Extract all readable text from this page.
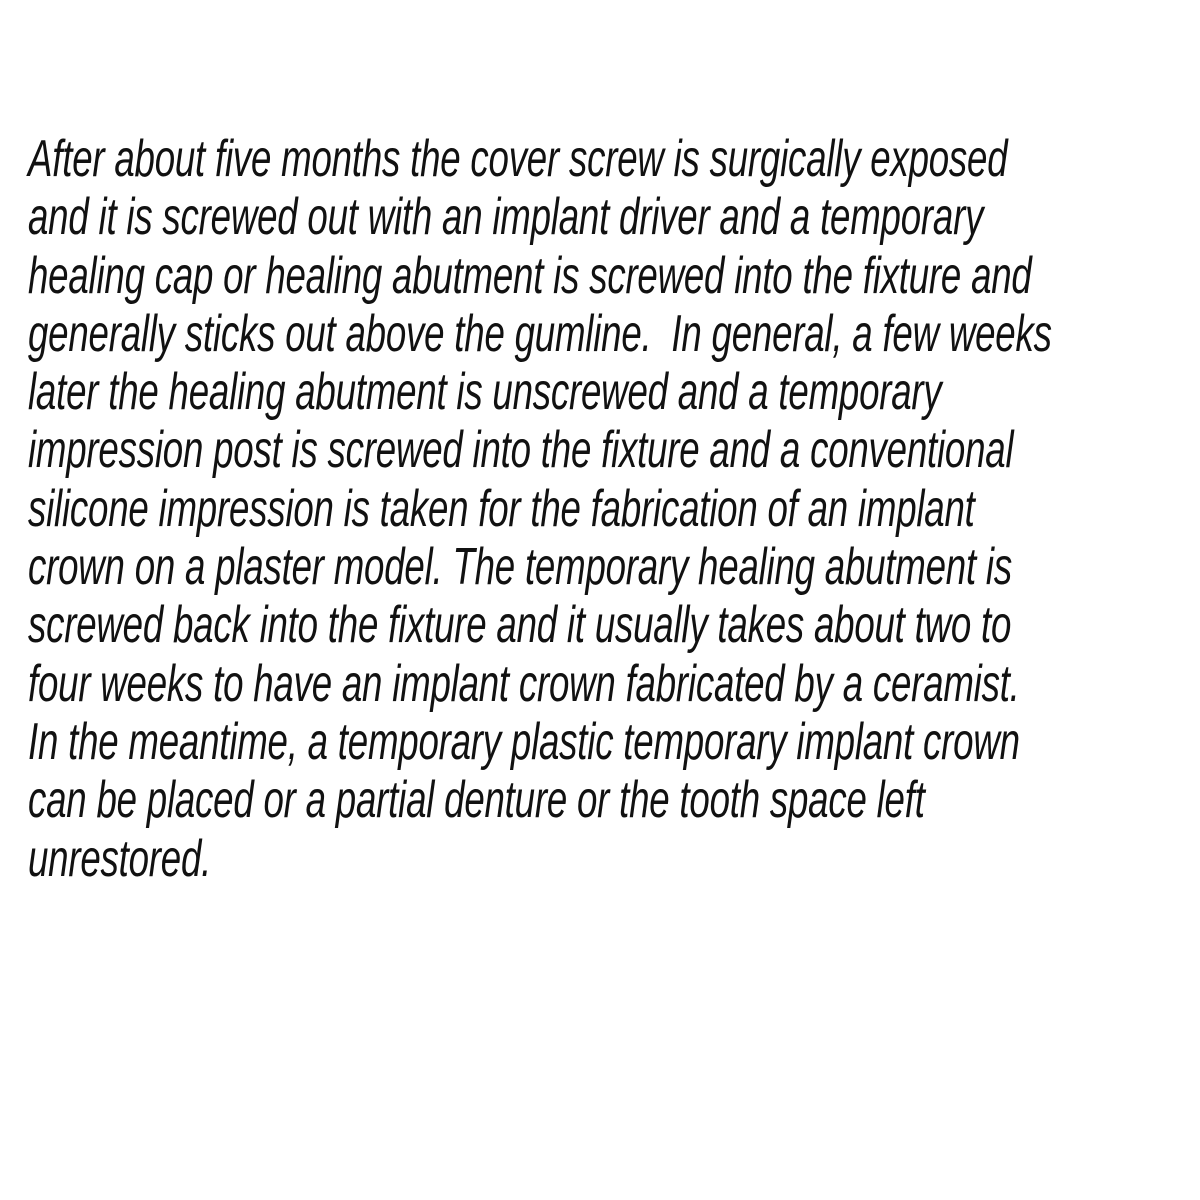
After about five months the cover screw is surgically exposed
and it is screwed out with an implant driver and a temporary
healing cap or healing abutment is screwed into the fixture and
generally sticks out above the gumline.  In general, a few weeks
later the healing abutment is unscrewed and a temporary
impression post is screwed into the fixture and a conventional
silicone impression is taken for the fabrication of an implant
crown on a plaster model. The temporary healing abutment is
screwed back into the fixture and it usually takes about two to
four weeks to have an implant crown fabricated by a ceramist.
In the meantime, a temporary plastic temporary implant crown
can be placed or a partial denture or the tooth space left
unrestored.
